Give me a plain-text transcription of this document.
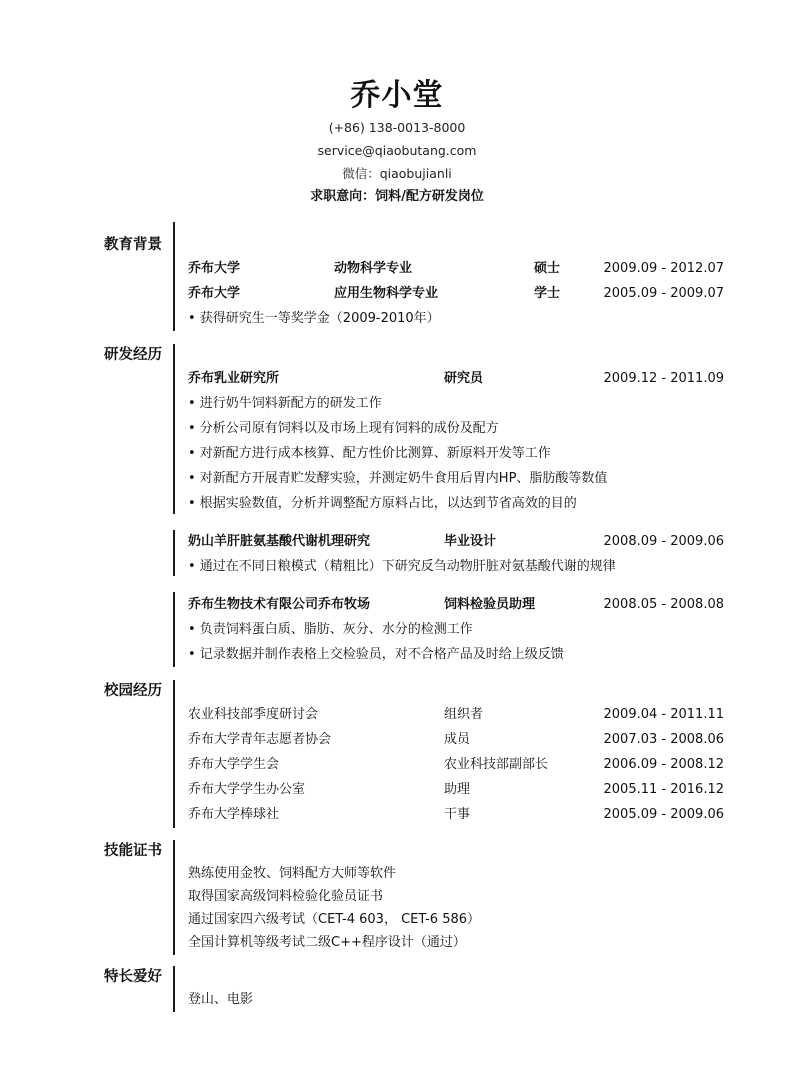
乔小堂
(+86) 138-0013-8000
service@qiaobutang.com
微信：qiaobujianli
求职意向：饲料/配方研发岗位
教育背景
研发经历
校园经历
技能证书
特长爱好
乔布大学	动物科学专业	硕士	2009.09 - 2012.07
乔布大学	应用生物科学专业	学士	2005.09 - 2009.07
• 获得研究生一等奖学金（2009-2010年）
乔布乳业研究所	研究员	2009.12 - 2011.09
• 进行奶牛饲料新配方的研发工作
• 分析公司原有饲料以及市场上现有饲料的成份及配方
• 对新配方进行成本核算、配方性价比测算、新原料开发等工作
• 对新配方开展青贮发酵实验，并测定奶牛食用后胃内HP、脂肪酸等数值
• 根据实验数值，分析并调整配方原料占比，以达到节省高效的目的
奶山羊肝脏氨基酸代谢机理研究	毕业设计	2008.09 - 2009.06
• 通过在不同日粮模式（精粗比）下研究反刍动物肝脏对氨基酸代谢的规律
乔布生物技术有限公司乔布牧场	饲料检验员助理	2008.05 - 2008.08
• 负责饲料蛋白质、脂肪、灰分、水分的检测工作
• 记录数据并制作表格上交检验员，对不合格产品及时给上级反馈
农业科技部季度研讨会	组织者	2009.04 - 2011.11
乔布大学青年志愿者协会	成员	2007.03 - 2008.06
乔布大学学生会	农业科技部副部长	2006.09 - 2008.12
乔布大学学生办公室	助理	2005.11 - 2016.12
乔布大学棒球社	干事	2005.09 - 2009.06
熟练使用金牧、饲料配方大师等软件
取得国家高级饲料检验化验员证书
通过国家四六级考试（CET-4 603， CET-6 586）
全国计算机等级考试二级C++程序设计（通过）
登山、电影
